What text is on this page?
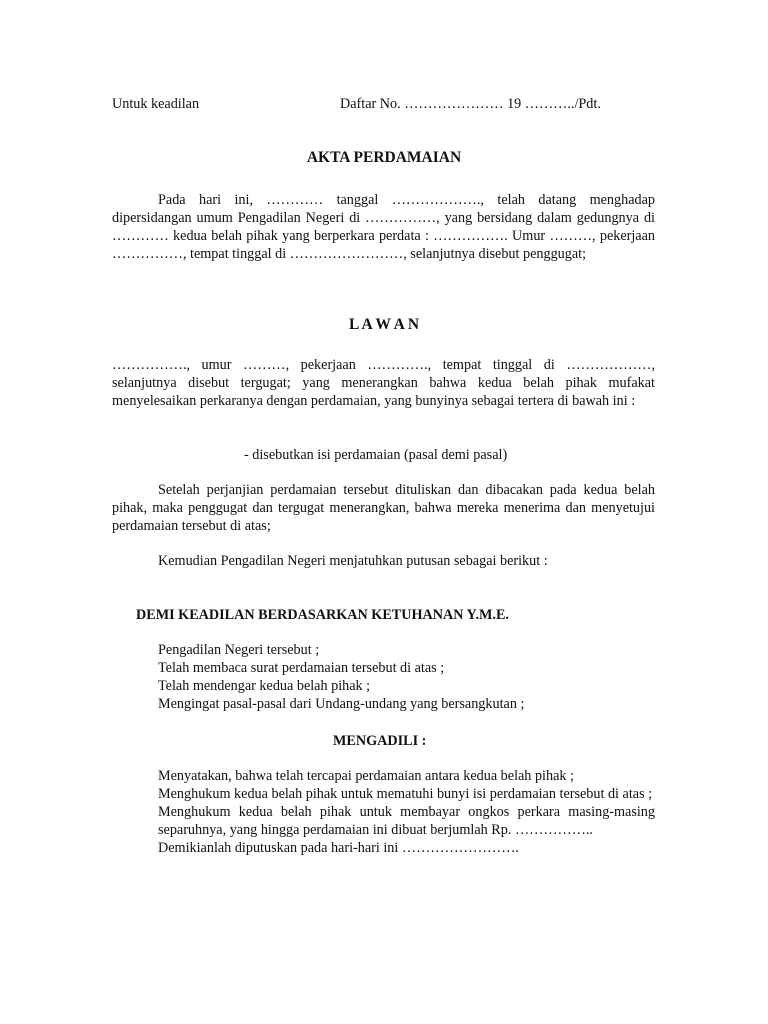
Untuk keadilan	Daftar No. ………………… 19 ………../Pdt.
AKTA PERDAMAIAN
Pada hari ini, ………… tanggal ………………., telah datang menghadap dipersidangan umum Pengadilan Negeri di ……………, yang bersidang dalam gedungnya di ………… kedua belah pihak yang berperkara perdata : ……………. Umur ………, pekerjaan ……………, tempat tinggal di ……………………, selanjutnya disebut penggugat;
L A W A N
……………., umur ………, pekerjaan …………., tempat tinggal di ………………, selanjutnya disebut tergugat; yang menerangkan bahwa kedua belah pihak mufakat menyelesaikan perkaranya dengan perdamaian, yang bunyinya sebagai tertera di bawah ini :
- disebutkan isi perdamaian (pasal demi pasal)
Setelah perjanjian perdamaian tersebut dituliskan dan dibacakan pada kedua belah pihak, maka penggugat dan tergugat menerangkan, bahwa mereka menerima dan menyetujui perdamaian tersebut di atas;
Kemudian Pengadilan Negeri menjatuhkan putusan sebagai berikut :
DEMI KEADILAN BERDASARKAN KETUHANAN Y.M.E.
Pengadilan Negeri tersebut ;
Telah membaca surat perdamaian tersebut di atas ;
Telah mendengar kedua belah pihak ;
Mengingat pasal-pasal dari Undang-undang yang bersangkutan ;
MENGADILI :
Menyatakan, bahwa telah tercapai perdamaian antara kedua belah pihak ;
Menghukum kedua belah pihak untuk mematuhi bunyi isi perdamaian tersebut di atas ;
Menghukum kedua belah pihak untuk membayar ongkos perkara masing-masing separuhnya, yang hingga perdamaian ini dibuat berjumlah Rp. ……………..
Demikianlah diputuskan pada hari-hari ini …………………….
